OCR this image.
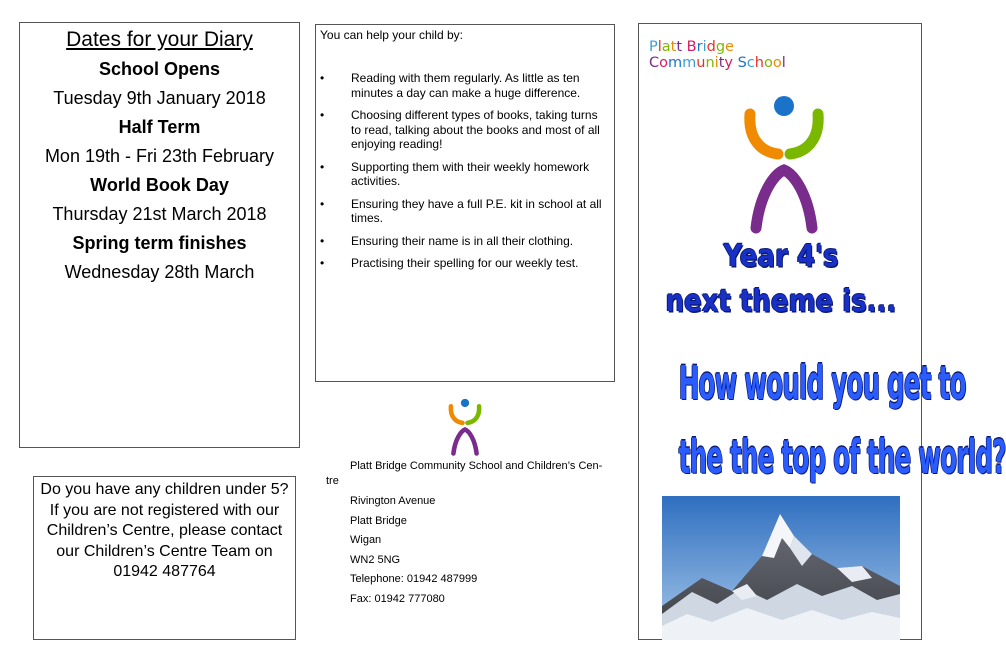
Dates for your Diary
School Opens
Tuesday 9th January 2018
Half Term
Mon 19th - Fri 23th February
World Book Day
Thursday 21st March 2018
Spring term finishes
Wednesday 28th March
Do you have any children under 5?
If you are not registered with our
Children’s Centre, please contact
our Children’s Centre Team on
01942 487764
You can help your child by:
• Reading with them regularly. As little as ten minutes a day can make a huge difference.
• Choosing different types of books, taking turns to read, talking about the books and most of all enjoying reading!
• Supporting them with their weekly homework activities.
• Ensuring they have a full P.E. kit in school at all times.
• Ensuring their name is in all their clothing.
• Practising their spelling for our weekly test.
Platt Bridge Community School and Children’s Cen-
tre
Rivington Avenue
Platt Bridge
Wigan
WN2 5NG
Telephone: 01942 487999
Fax: 01942 777080
Platt Bridge
Community School
Year 4's
next theme is...
How would you get to
the the top of the world?
